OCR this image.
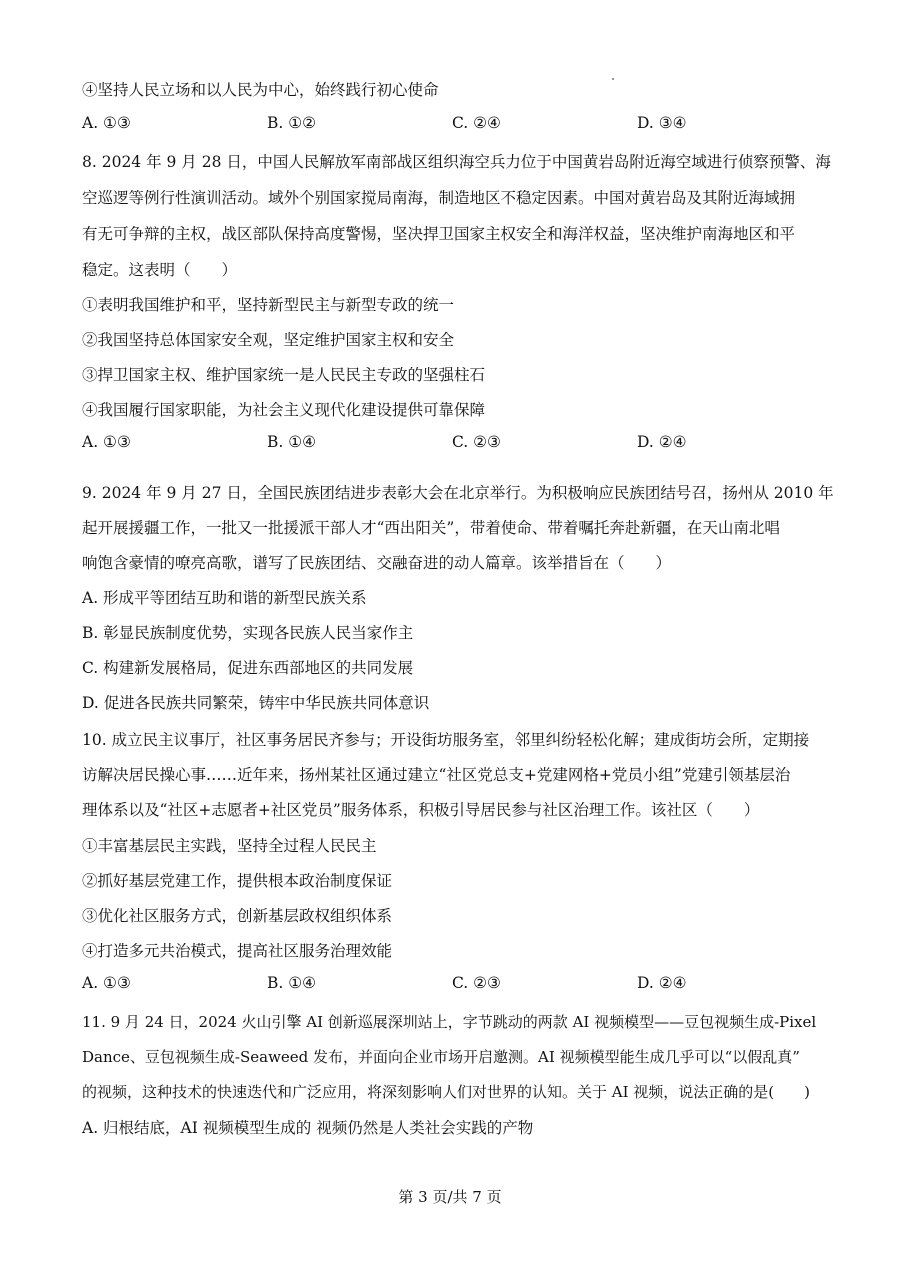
④坚持人民立场和以人民为中心，始终践行初心使命
A. ①③	B. ①②	C. ②④	D. ③④
8. 2024 年 9 月 28 日，中国人民解放军南部战区组织海空兵力位于中国黄岩岛附近海空域进行侦察预警、海
空巡逻等例行性演训活动。域外个别国家搅局南海，制造地区不稳定因素。中国对黄岩岛及其附近海域拥
有无可争辩的主权，战区部队保持高度警惕，坚决捍卫国家主权安全和海洋权益，坚决维护南海地区和平
稳定。这表明（　　）
①表明我国维护和平，坚持新型民主与新型专政的统一
②我国坚持总体国家安全观，坚定维护国家主权和安全
③捍卫国家主权、维护国家统一是人民民主专政的坚强柱石
④我国履行国家职能，为社会主义现代化建设提供可靠保障
A. ①③	B. ①④	C. ②③	D. ②④
9. 2024 年 9 月 27 日，全国民族团结进步表彰大会在北京举行。为积极响应民族团结号召，扬州从 2010 年
起开展援疆工作，一批又一批援派干部人才“西出阳关”，带着使命、带着嘱托奔赴新疆，在天山南北唱
响饱含豪情的嘹亮高歌，谱写了民族团结、交融奋进的动人篇章。该举措旨在（　　）
A. 形成平等团结互助和谐的新型民族关系
B. 彰显民族制度优势，实现各民族人民当家作主
C. 构建新发展格局，促进东西部地区的共同发展
D. 促进各民族共同繁荣，铸牢中华民族共同体意识
10. 成立民主议事厅，社区事务居民齐参与；开设街坊服务室，邻里纠纷轻松化解；建成街坊会所，定期接
访解决居民操心事……近年来，扬州某社区通过建立“社区党总支+党建网格+党员小组”党建引领基层治
理体系以及“社区+志愿者+社区党员”服务体系，积极引导居民参与社区治理工作。该社区（　　）
①丰富基层民主实践，坚持全过程人民民主
②抓好基层党建工作，提供根本政治制度保证
③优化社区服务方式，创新基层政权组织体系
④打造多元共治模式，提高社区服务治理效能
A. ①③	B. ①④	C. ②③	D. ②④
11. 9 月 24 日，2024 火山引擎 AI 创新巡展深圳站上，字节跳动的两款 AI 视频模型——豆包视频生成-Pixel
Dance、豆包视频生成-Seaweed 发布，并面向企业市场开启邀测。AI 视频模型能生成几乎可以“以假乱真”
的视频，这种技术的快速迭代和广泛应用，将深刻影响人们对世界的认知。关于 AI 视频，说法正确的是(　　)
A. 归根结底，AI 视频模型生成的 视频仍然是人类社会实践的产物
第 3 页/共 7 页
